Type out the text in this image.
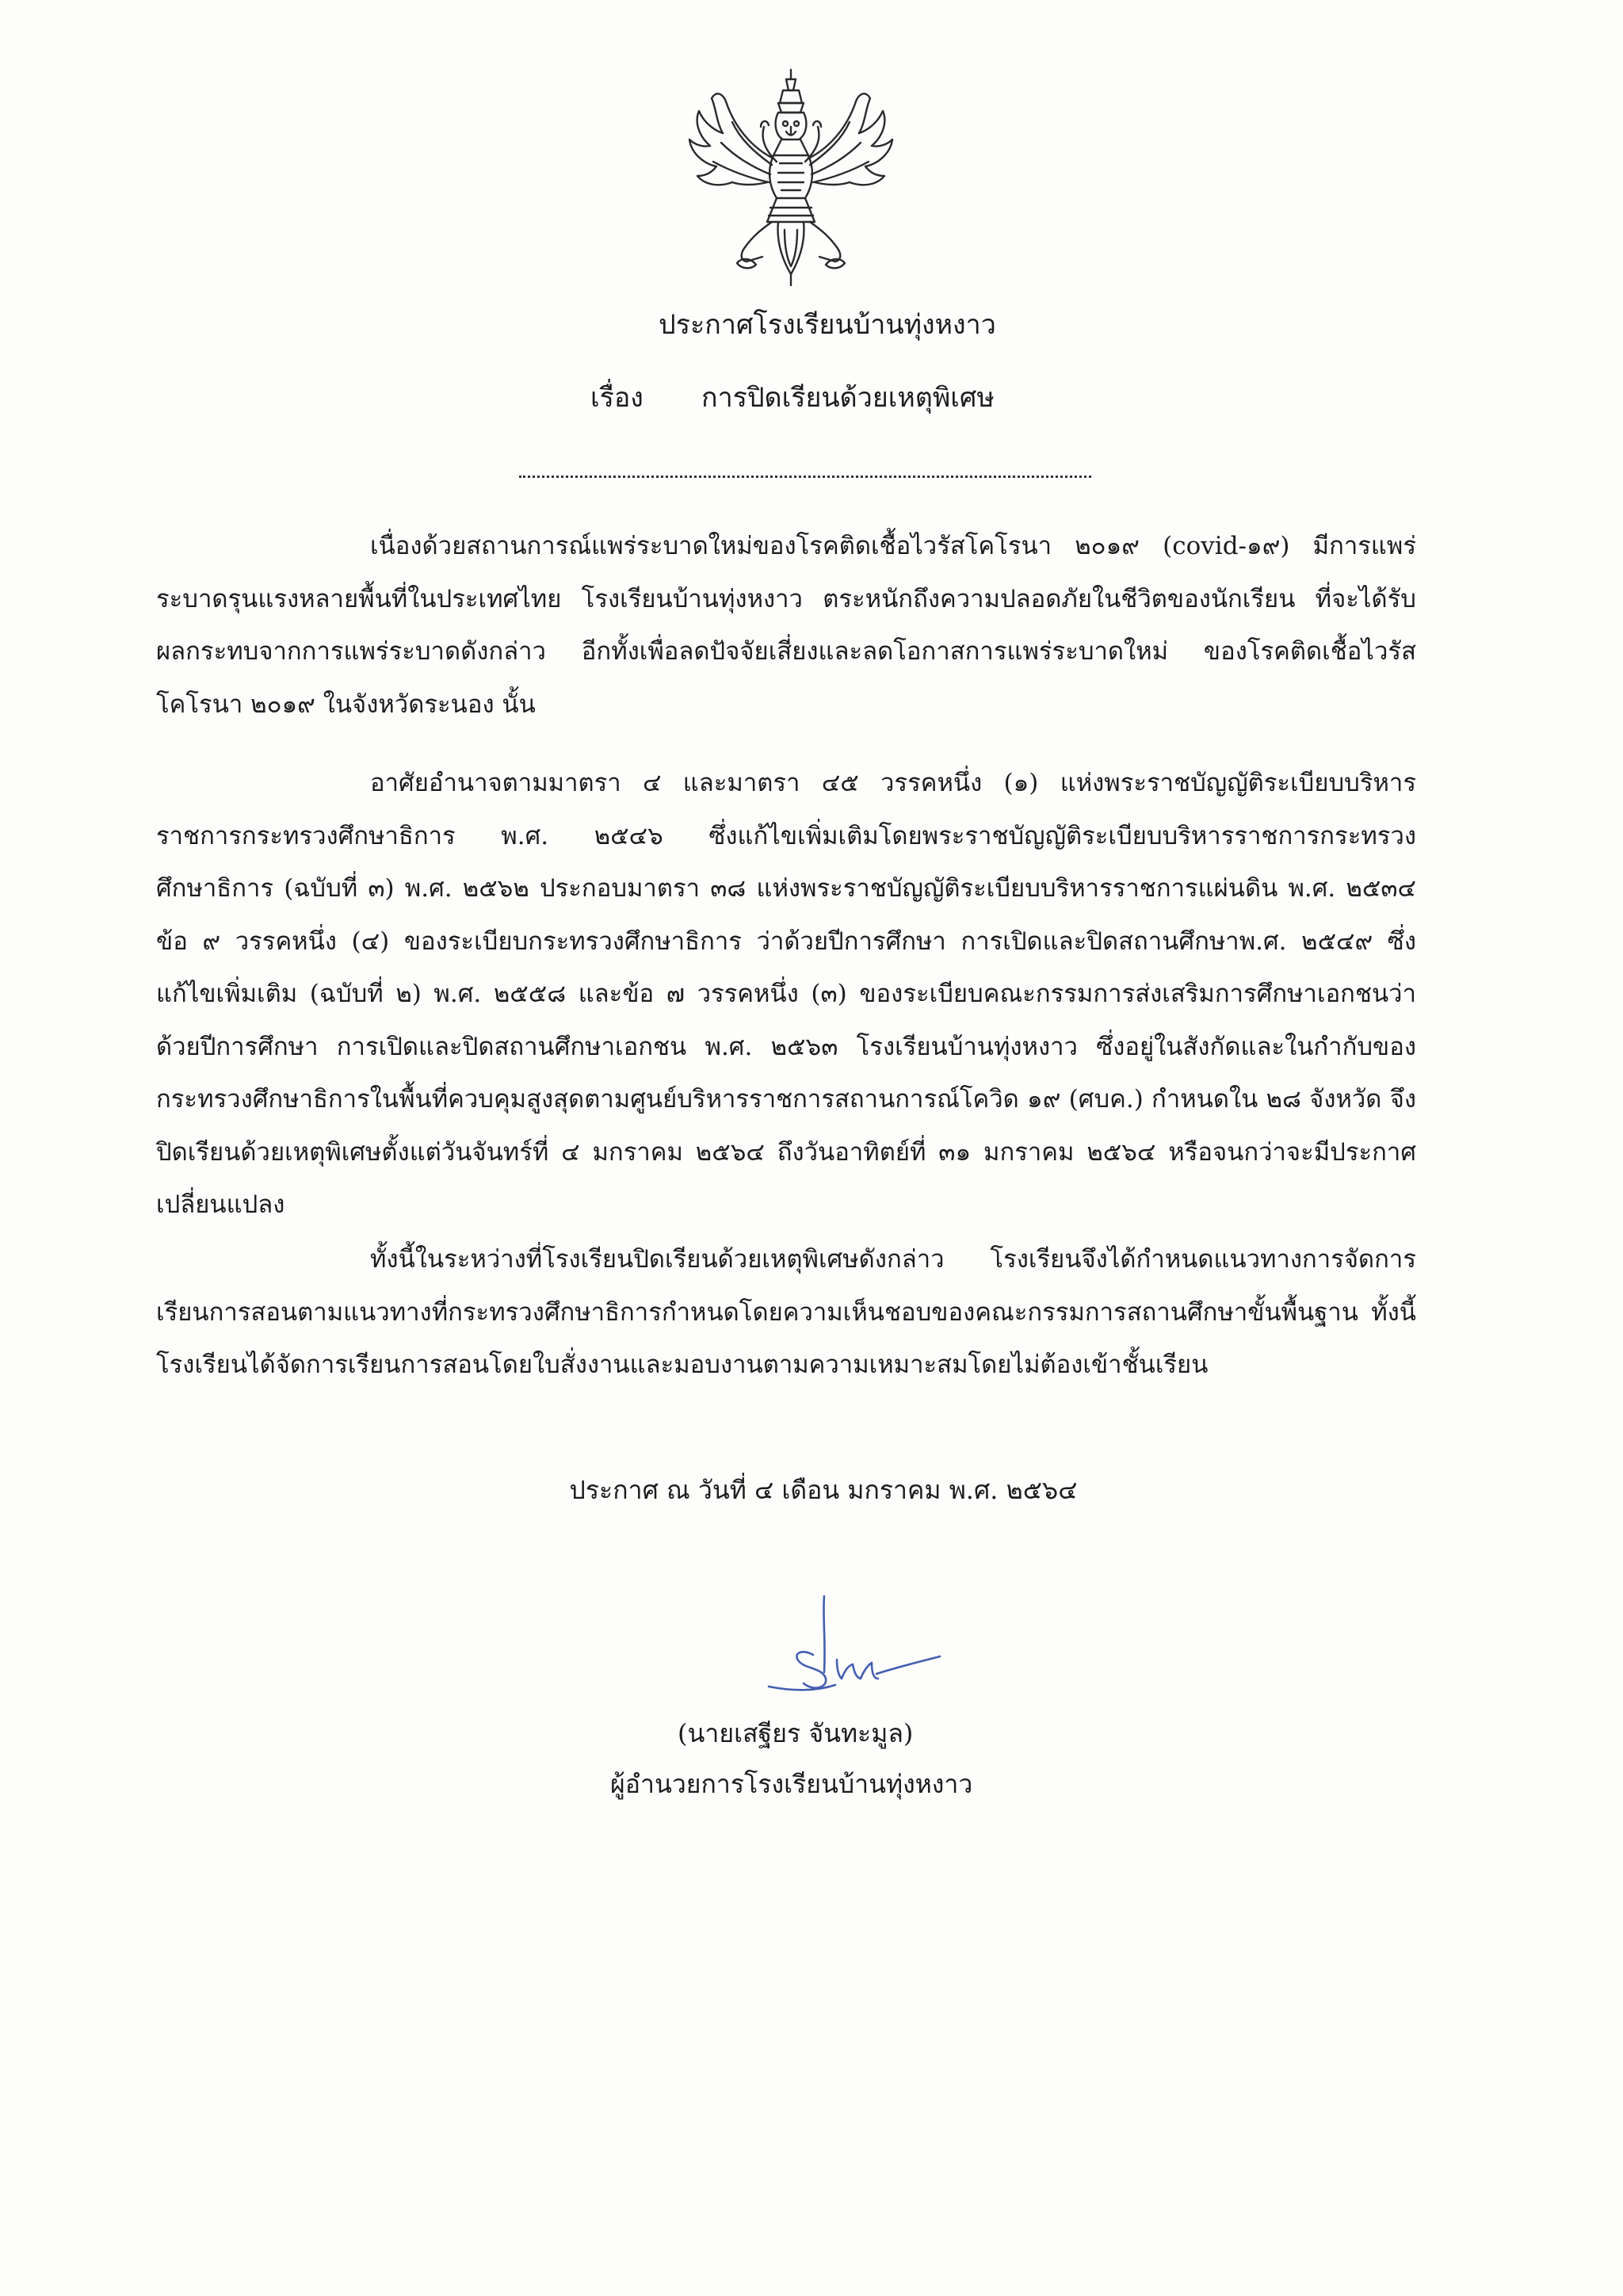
ประกาศโรงเรียนบ้านทุ่งหงาว
เรื่อง การปิดเรียนด้วยเหตุพิเศษ

เนื่องด้วยสถานการณ์แพร่ระบาดใหม่ของโรคติดเชื้อไวรัสโคโรนา ๒๐๑๙ (covid-๑๙) มีการแพร่ระบาดรุนแรงหลายพื้นที่ในประเทศไทย โรงเรียนบ้านทุ่งหงาว ตระหนักถึงความปลอดภัยในชีวิตของนักเรียน ที่จะได้รับผลกระทบจากการแพร่ระบาดดังกล่าว อีกทั้งเพื่อลดปัจจัยเสี่ยงและลดโอกาสการแพร่ระบาดใหม่ ของโรคติดเชื้อไวรัสโคโรนา ๒๐๑๙ ในจังหวัดระนอง นั้น

อาศัยอำนาจตามมาตรา ๔ และมาตรา ๔๕ วรรคหนึ่ง (๑) แห่งพระราชบัญญัติระเบียบบริหารราชการกระทรวงศึกษาธิการ พ.ศ. ๒๕๔๖ ซึ่งแก้ไขเพิ่มเติมโดยพระราชบัญญัติระเบียบบริหารราชการกระทรวงศึกษาธิการ (ฉบับที่ ๓) พ.ศ. ๒๕๖๒ ประกอบมาตรา ๓๘ แห่งพระราชบัญญัติระเบียบบริหารราชการแผ่นดิน พ.ศ. ๒๕๓๔ ข้อ ๙ วรรคหนึ่ง (๔) ของระเบียบกระทรวงศึกษาธิการ ว่าด้วยปีการศึกษา การเปิดและปิดสถานศึกษาพ.ศ. ๒๕๔๙ ซึ่งแก้ไขเพิ่มเติม (ฉบับที่ ๒) พ.ศ. ๒๕๕๘ และข้อ ๗ วรรคหนึ่ง (๓) ของระเบียบคณะกรรมการส่งเสริมการศึกษาเอกชนว่าด้วยปีการศึกษา การเปิดและปิดสถานศึกษาเอกชน พ.ศ. ๒๕๖๓ โรงเรียนบ้านทุ่งหงาว ซึ่งอยู่ในสังกัดและในกำกับของกระทรวงศึกษาธิการในพื้นที่ควบคุมสูงสุดตามศูนย์บริหารราชการสถานการณ์โควิด ๑๙ (ศบค.) กำหนดใน ๒๘ จังหวัด จึงปิดเรียนด้วยเหตุพิเศษตั้งแต่วันจันทร์ที่ ๔ มกราคม ๒๕๖๔ ถึงวันอาทิตย์ที่ ๓๑ มกราคม ๒๕๖๔ หรือจนกว่าจะมีประกาศเปลี่ยนแปลง

ทั้งนี้ในระหว่างที่โรงเรียนปิดเรียนด้วยเหตุพิเศษดังกล่าว โรงเรียนจึงได้กำหนดแนวทางการจัดการเรียนการสอนตามแนวทางที่กระทรวงศึกษาธิการกำหนดโดยความเห็นชอบของคณะกรรมการสถานศึกษาขั้นพื้นฐาน ทั้งนี้โรงเรียนได้จัดการเรียนการสอนโดยใบสั่งงานและมอบงานตามความเหมาะสมโดยไม่ต้องเข้าชั้นเรียน

ประกาศ ณ วันที่ ๔ เดือน มกราคม พ.ศ. ๒๕๖๔
(นายเสฐียร จันทะมูล)
ผู้อำนวยการโรงเรียนบ้านทุ่งหงาว
